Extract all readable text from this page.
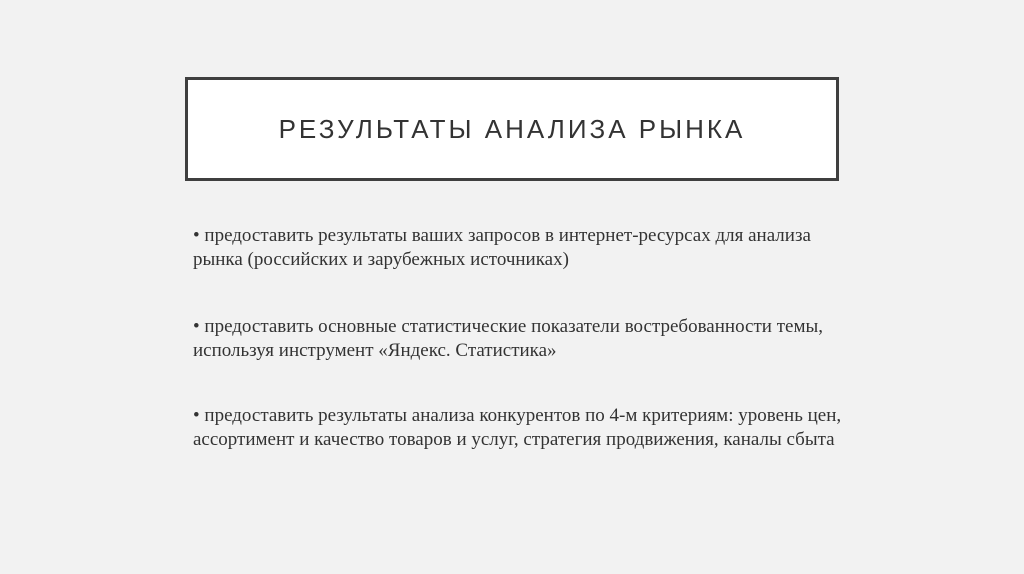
РЕЗУЛЬТАТЫ АНАЛИЗА РЫНКА
• предоставить результаты ваших запросов в интернет-ресурсах для анализа рынка (российских и зарубежных источниках)
• предоставить основные статистические показатели востребованности темы, используя инструмент «Яндекс. Статистика»
• предоставить результаты анализа конкурентов по 4-м критериям: уровень цен, ассортимент и качество товаров и услуг, стратегия продвижения, каналы сбыта
